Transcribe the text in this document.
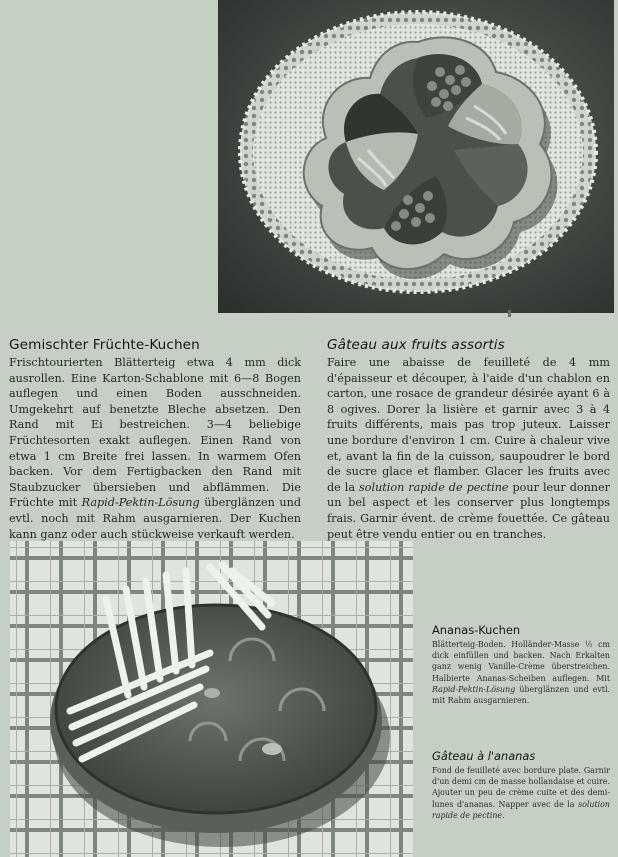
Gemischter Früchte-Kuchen

Frischtourierten Blätterteig etwa 4 mm dick ausrollen. Eine Karton-Schablone mit 6—8 Bogen auflegen und einen Boden ausschneiden. Umgekehrt auf benetzte Bleche absetzen. Den Rand mit Ei bestreichen. 3—4 beliebige Früchtesorten exakt auflegen. Einen Rand von etwa 1 cm Breite frei lassen. In warmem Ofen backen. Vor dem Fertigbacken den Rand mit Staubzucker übersieben und abflämmen. Die Früchte mit Rapid-Pektin-Lösung überglänzen und evtl. noch mit Rahm ausgarnieren. Der Kuchen kann ganz oder auch stückweise verkauft werden.

Gâteau aux fruits assortis

Faire une abaisse de feuilleté de 4 mm d'épaisseur et découper, à l'aide d'un chablon en carton, une rosace de grandeur désirée ayant 6 à 8 ogives. Dorer la lisière et garnir avec 3 à 4 fruits différents, mais pas trop juteux. Laisser une bordure d'environ 1 cm. Cuire à chaleur vive et, avant la fin de la cuisson, saupoudrer le bord de sucre glace et flamber. Glacer les fruits avec de la solution rapide de pectine pour leur donner un bel aspect et les conserver plus longtemps frais. Garnir évent. de crème fouettée. Ce gâteau peut être vendu entier ou en tranches.

Ananas-Kuchen

Blätterteig-Boden. Holländer-Masse ½ cm dick einfüllen und backen. Nach Erkalten ganz wenig Vanille-Crème überstreichen. Halbierte Ananas-Scheiben auflegen. Mit Rapid-Pektin-Lösung überglänzen und evtl. mit Rahm ausgarnieren.

Gâteau à l'ananas

Fond de feuilleté avec bordure plate. Garnir d'un demi cm de masse hollandaise et cuire. Ajouter un peu de crème cuite et des demi-lunes d'ananas. Napper avec de la solution rapide de pectine.
